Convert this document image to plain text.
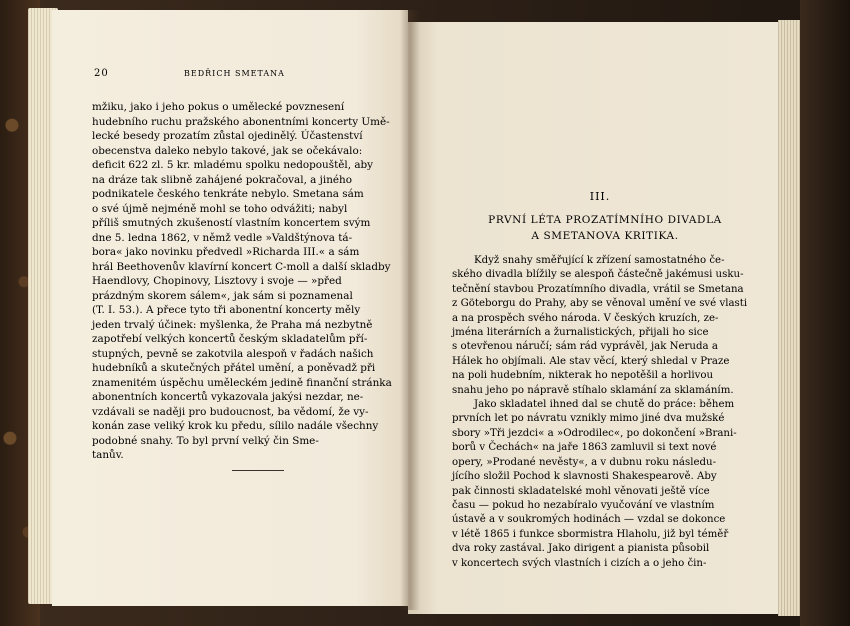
20	BEDŘICH SMETANA
mžiku, jako i jeho pokus o umělecké povznesení
hudebního ruchu pražského abonentními koncerty Umě-
lecké besedy prozatím zůstal ojedinělý. Účastenství
obecenstva daleko nebylo takové, jak se očekávalo:
deficit 622 zl. 5 kr. mladému spolku nedopouštěl, aby
na dráze tak slibně zahájené pokračoval, a jiného
podnikatele českého tenkráte nebylo. Smetana sám
o své újmě nejméně mohl se toho odvážiti; nabyl
příliš smutných zkušeností vlastním koncertem svým
dne 5. ledna 1862, v němž vedle »Valdštýnova tá-
bora« jako novinku předvedl »Richarda III.« a sám
hrál Beethovenův klavírní koncert C-moll a další skladby
Haendlovy, Chopinovy, Lisztovy i svoje — »před
prázdným skorem sálem«, jak sám si poznamenal
(T. I. 53.). A přece tyto tři abonentní koncerty měly
jeden trvalý účinek: myšlenka, že Praha má nezbytně
zapotřebí velkých koncertů českým skladatelům pří-
stupných, pevně se zakotvila alespoň v řadách našich
hudebníků a skutečných přátel umění, a poněvadž při
znamenitém úspěchu uměleckém jedině finanční stránka
abonentních koncertů vykazovala jakýsi nezdar, ne-
vzdávali se naději pro budoucnost, ba vědomí, že vy-
konán zase veliký krok ku předu, sílilo nadále všechny
podobné snahy. To byl první velký čin Sme-
tanův.
III.
PRVNÍ LÉTA PROZATÍMNÍHO DIVADLA
A SMETANOVA KRITIKA.
Když snahy směřující k zřízení samostatného če-
ského divadla blížily se alespoň částečně jakémusi usku-
tečnění stavbou Prozatímního divadla, vrátil se Smetana
z Göteborgu do Prahy, aby se věnoval umění ve své vlasti
a na prospěch svého národa. V českých kruzích, ze-
jména literárních a žurnalistických, přijali ho sice
s otevřenou náručí; sám rád vyprávěl, jak Neruda a
Hálek ho objímali. Ale stav věcí, který shledal v Praze
na poli hudebním, nikterak ho nepotěšil a horlivou
snahu jeho po nápravě stíhalo sklamání za sklamáním.
Jako skladatel ihned dal se chutě do práce: během
prvních let po návratu vznikly mimo jiné dva mužské
sbory »Tři jezdci« a »Odrodilec«, po dokončení »Brani-
borů v Čechách« na jaře 1863 zamluvil si text nové
opery, »Prodané nevěsty«, a v dubnu roku následu-
jícího složil Pochod k slavnosti Shakespearově. Aby
pak činnosti skladatelské mohl věnovati ještě více
času — pokud ho nezabíralo vyučování ve vlastním
ústavě a v soukromých hodinách — vzdal se dokonce
v létě 1865 i funkce sbormistra Hlaholu, již byl téměř
dva roky zastával. Jako dirigent a pianista působil
v koncertech svých vlastních i cizích a o jeho čin-
